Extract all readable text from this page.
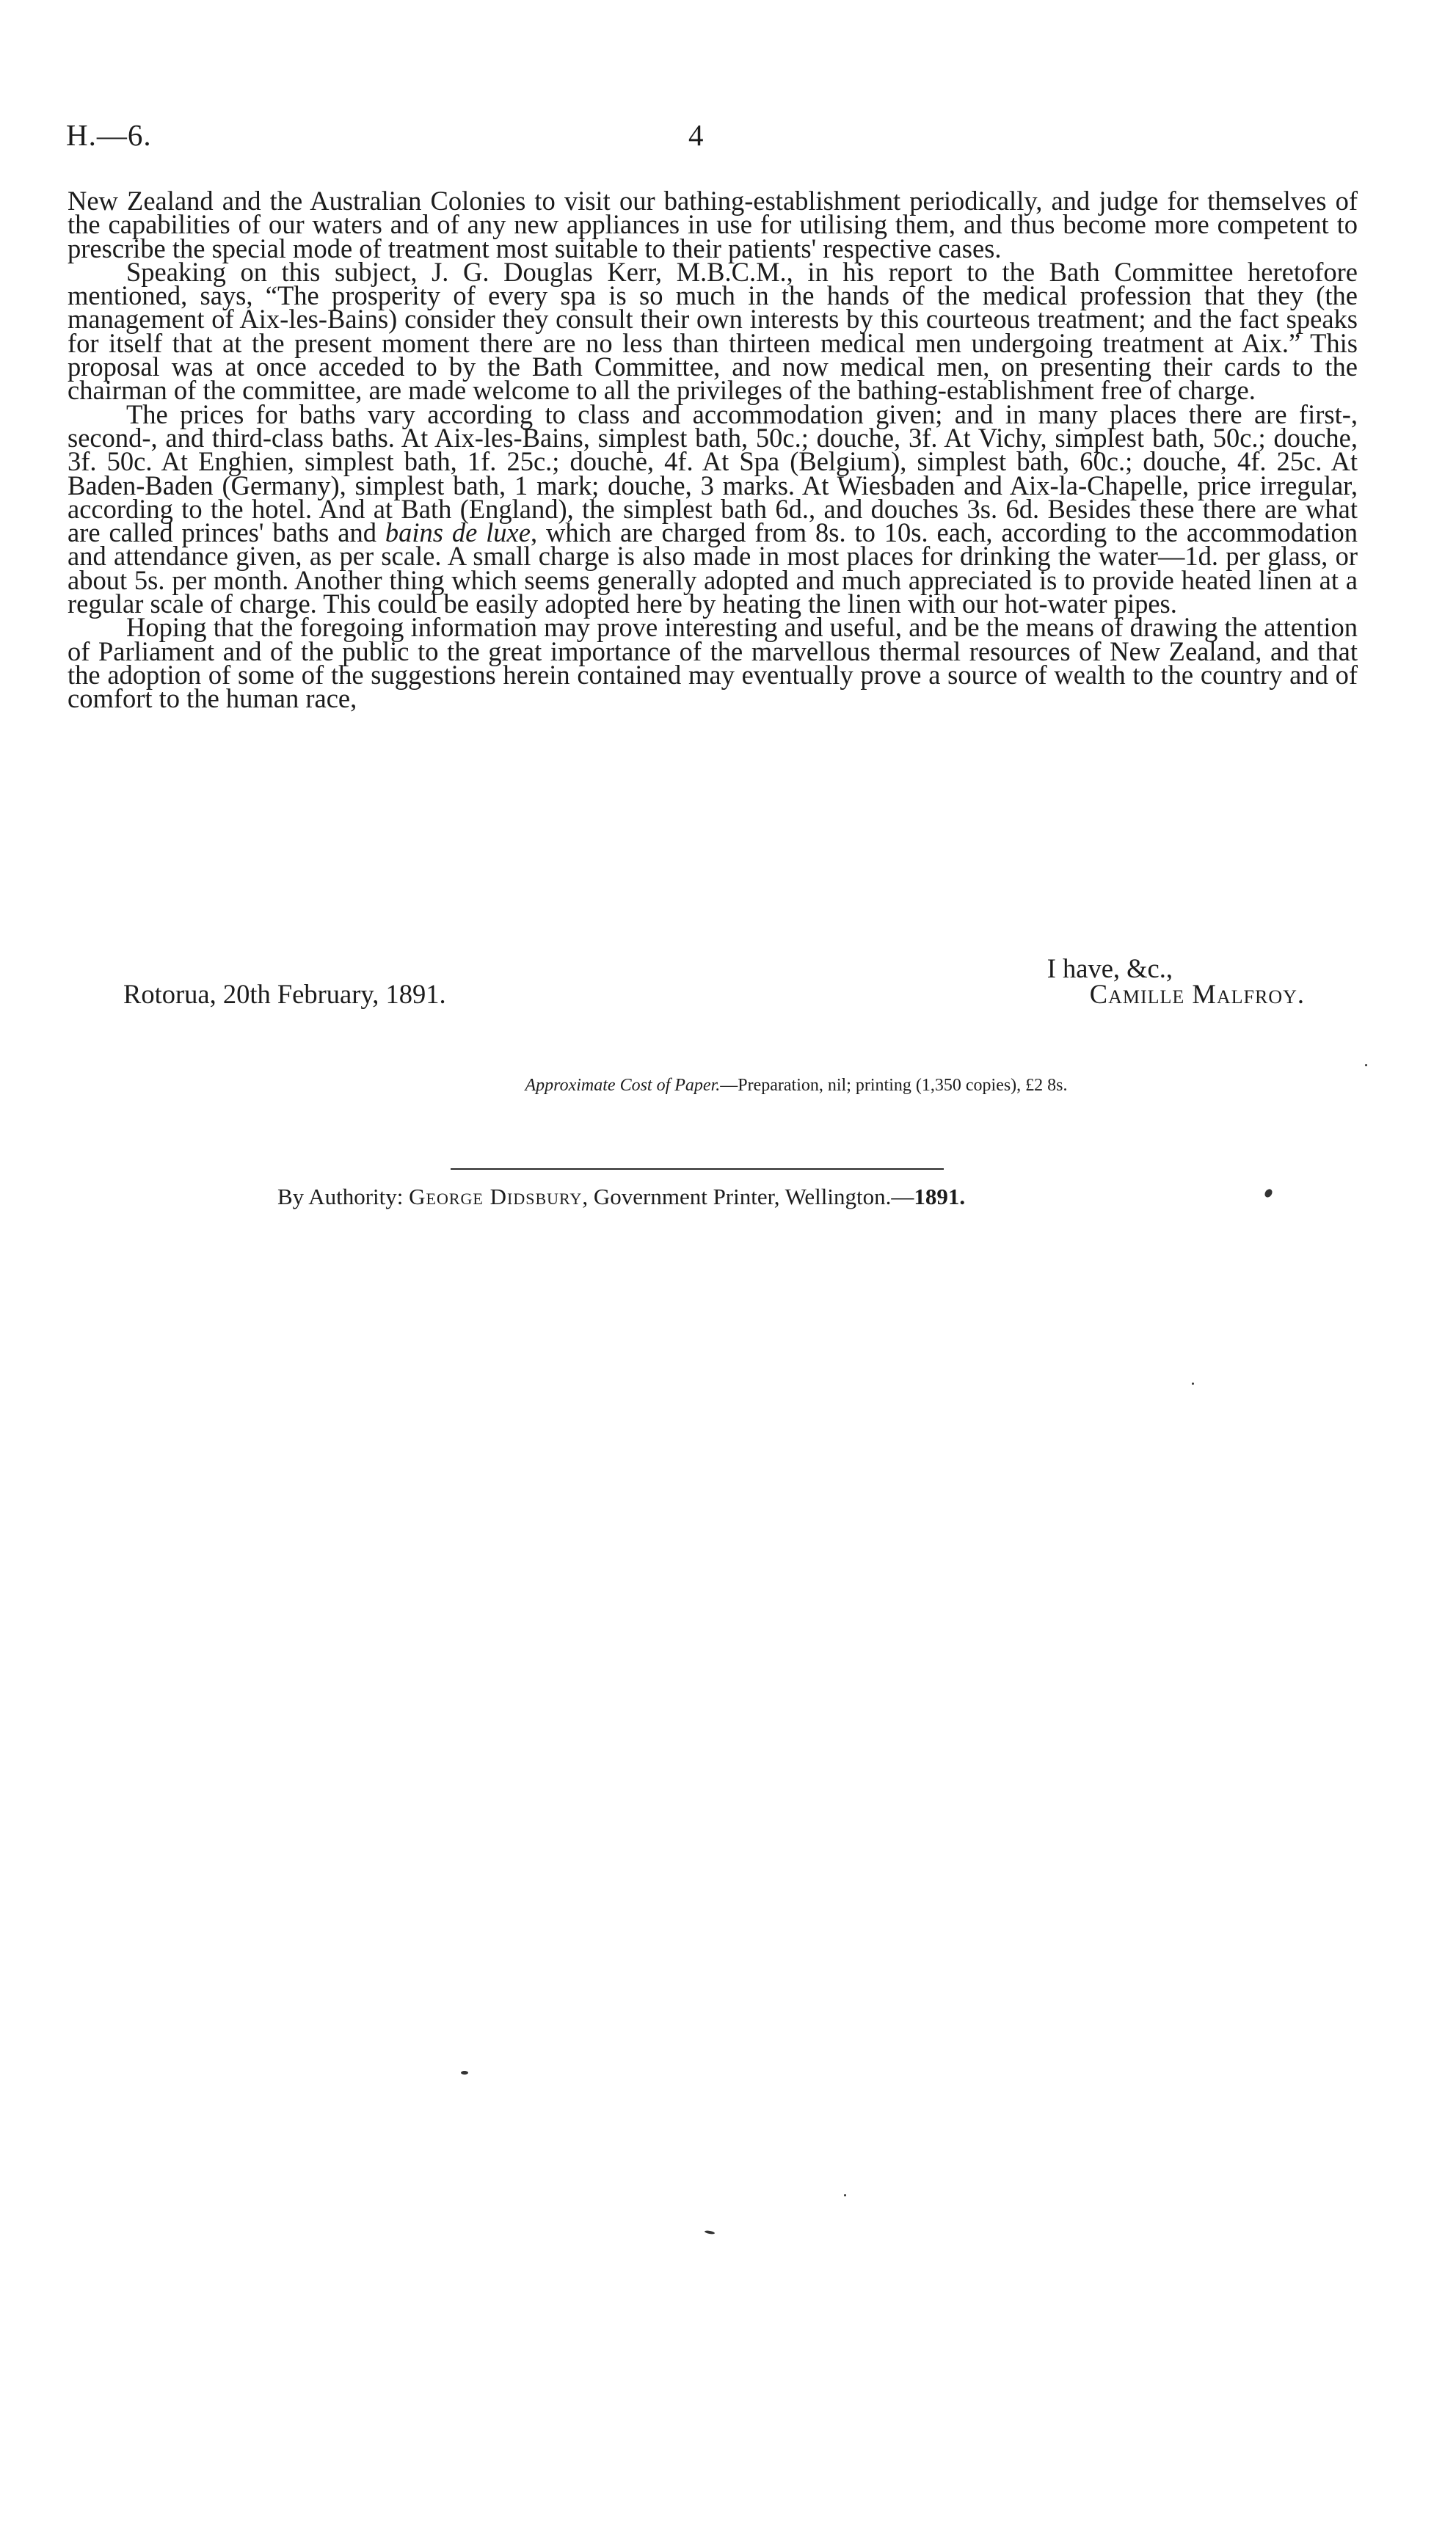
H.—6.	4

New Zealand and the Australian Colonies to visit our bathing-establishment periodically, and judge for themselves of the capabilities of our waters and of any new appliances in use for utilising them, and thus become more competent to prescribe the special mode of treatment most suitable to their patients' respective cases.

Speaking on this subject, J. G. Douglas Kerr, M.B.C.M., in his report to the Bath Committee heretofore mentioned, says, “The prosperity of every spa is so much in the hands of the medical profession that they (the management of Aix-les-Bains) consider they consult their own interests by this courteous treatment; and the fact speaks for itself that at the present moment there are no less than thirteen medical men undergoing treatment at Aix.” This proposal was at once acceded to by the Bath Committee, and now medical men, on presenting their cards to the chairman of the committee, are made welcome to all the privileges of the bathing-establishment free of charge.

The prices for baths vary according to class and accommodation given; and in many places there are first-, second-, and third-class baths. At Aix-les-Bains, simplest bath, 50c.; douche, 3f. At Vichy, simplest bath, 50c.; douche, 3f. 50c. At Enghien, simplest bath, 1f. 25c.; douche, 4f. At Spa (Belgium), simplest bath, 60c.; douche, 4f. 25c. At Baden-Baden (Germany), simplest bath, 1 mark; douche, 3 marks. At Wiesbaden and Aix-la-Chapelle, price irregular, according to the hotel. And at Bath (England), the simplest bath 6d., and douches 3s. 6d. Besides these there are what are called princes' baths and bains de luxe, which are charged from 8s. to 10s. each, according to the accommodation and attendance given, as per scale. A small charge is also made in most places for drinking the water—1d. per glass, or about 5s. per month. Another thing which seems generally adopted and much appreciated is to provide heated linen at a regular scale of charge. This could be easily adopted here by heating the linen with our hot-water pipes.

Hoping that the foregoing information may prove interesting and useful, and be the means of drawing the attention of Parliament and of the public to the great importance of the marvellous thermal resources of New Zealand, and that the adoption of some of the suggestions herein contained may eventually prove a source of wealth to the country and of comfort to the human race,

I have, &c.,
Rotorua, 20th February, 1891.	Camille Malfroy.
Approximate Cost of Paper.—Preparation, nil; printing (1,350 copies), £2 8s.
By Authority: George Didsbury, Government Printer, Wellington.—1891.
